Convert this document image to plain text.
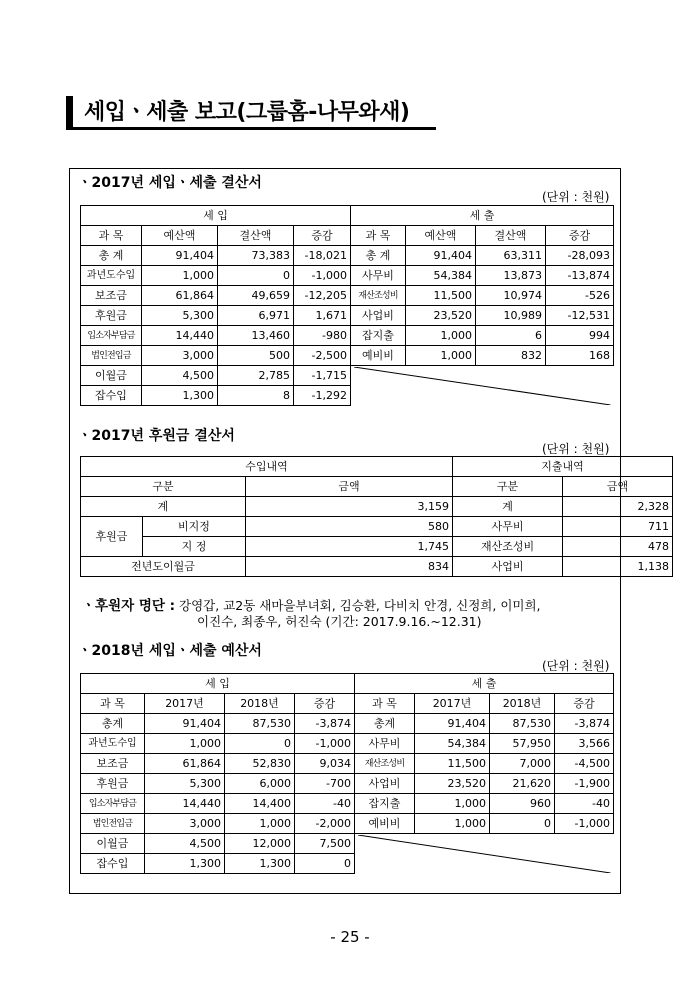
세입ㆍ세출 보고(그룹홈-나무와새)
ㆍ2017년 세입ㆍ세출 결산서
(단위 : 천원)
세 입				세 출			
과 목	예산액	결산액	증감	과 목	예산액	결산액	증감
총 계	91,404	73,383	-18,021	총 계	91,404	63,311	-28,093
과년도수입	1,000	0	-1,000	사무비	54,384	13,873	-13,874
보조금	61,864	49,659	-12,205	재산조성비	11,500	10,974	-526
후원금	5,300	6,971	1,671	사업비	23,520	10,989	-12,531
입소자부담금	14,440	13,460	-980	잡지출	1,000	6	994
법인전입금	3,000	500	-2,500	예비비	1,000	832	168
이월금	4,500	2,785	-1,715	

잡수입	1,300	8	-1,292				
ㆍ2017년 후원금 결산서
(단위 : 천원)
수입내역			지출내역	
구분		금액	구분	금액
계		3,159	계	2,328
후원금	비지정	580	사무비	711
	지 정	1,745	재산조성비	478
전년도이월금		834	사업비	1,138
ㆍ후원자 명단 : 강영갑, 교2동 새마을부녀회, 김승환, 다비치 안경, 신정희, 이미희,
이진수, 최종우, 허진숙 (기간: 2017.9.16.~12.31)
ㆍ2018년 세입ㆍ세출 예산서
(단위 : 천원)
세 입				세 출			
과 목	2017년	2018년	증감	과 목	2017년	2018년	증감
총계	91,404	87,530	-3,874	총계	91,404	87,530	-3,874
과년도수입	1,000	0	-1,000	사무비	54,384	57,950	3,566
보조금	61,864	52,830	9,034	재산조성비	11,500	7,000	-4,500
후원금	5,300	6,000	-700	사업비	23,520	21,620	-1,900
입소자부담금	14,440	14,400	-40	잡지출	1,000	960	-40
법인전입금	3,000	1,000	-2,000	예비비	1,000	0	-1,000
이월금	4,500	12,000	7,500	

잡수입	1,300	1,300	0				
- 25 -
